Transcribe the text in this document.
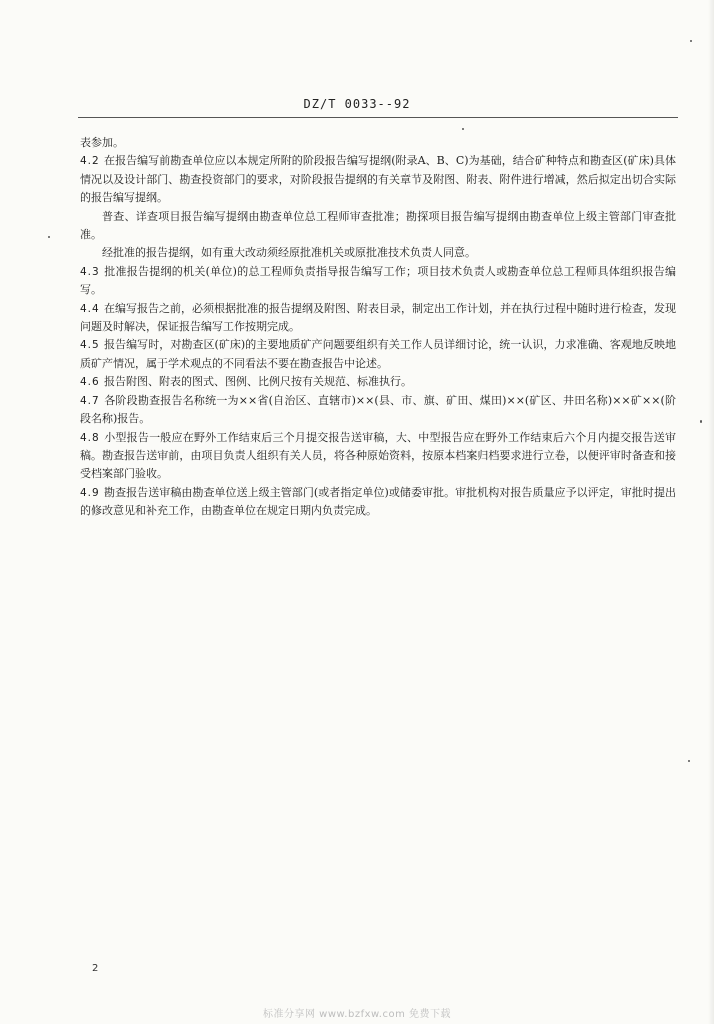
DZ/T 0033--92

表参加。

4.2 在报告编写前勘查单位应以本规定所附的阶段报告编写提纲(附录A、B、C)为基础，结合矿种特点和勘查区(矿床)具体情况以及设计部门、勘查投资部门的要求，对阶段报告提纲的有关章节及附图、附表、附件进行增减，然后拟定出切合实际的报告编写提纲。

普查、详查项目报告编写提纲由勘查单位总工程师审查批准；勘探项目报告编写提纲由勘查单位上级主管部门审查批准。

经批准的报告提纲，如有重大改动须经原批准机关或原批准技术负责人同意。

4.3 批准报告提纲的机关(单位)的总工程师负责指导报告编写工作；项目技术负责人或勘查单位总工程师具体组织报告编写。

4.4 在编写报告之前，必须根据批准的报告提纲及附图、附表目录，制定出工作计划，并在执行过程中随时进行检查，发现问题及时解决，保证报告编写工作按期完成。

4.5 报告编写时，对勘查区(矿床)的主要地质矿产问题要组织有关工作人员详细讨论，统一认识，力求准确、客观地反映地质矿产情况，属于学术观点的不同看法不要在勘查报告中论述。

4.6 报告附图、附表的图式、图例、比例尺按有关规范、标准执行。

4.7 各阶段勘查报告名称统一为××省(自治区、直辖市)××(县、市、旗、矿田、煤田)××(矿区、井田名称)××矿××(阶段名称)报告。

4.8 小型报告一般应在野外工作结束后三个月提交报告送审稿，大、中型报告应在野外工作结束后六个月内提交报告送审稿。勘查报告送审前，由项目负责人组织有关人员，将各种原始资料，按原本档案归档要求进行立卷，以便评审时备查和接受档案部门验收。

4.9 勘查报告送审稿由勘查单位送上级主管部门(或者指定单位)或储委审批。审批机构对报告质量应予以评定，审批时提出的修改意见和补充工作，由勘查单位在规定日期内负责完成。

2
标准分享网 www.bzfxw.com 免费下载
